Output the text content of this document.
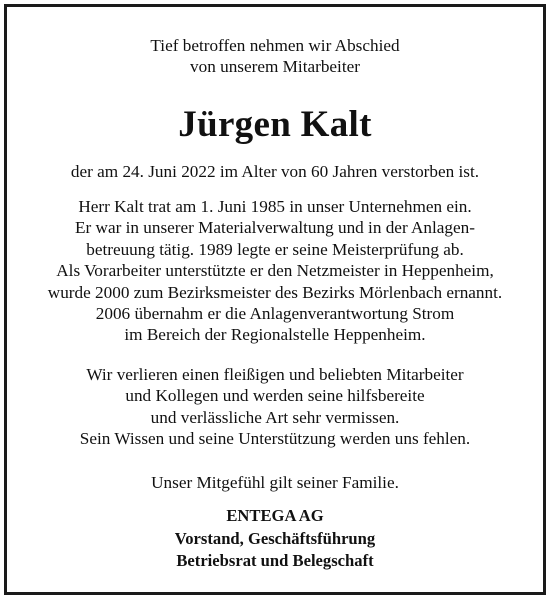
Tief betroffen nehmen wir Abschied
von unserem Mitarbeiter
Jürgen Kalt
der am 24. Juni 2022 im Alter von 60 Jahren verstorben ist.
Herr Kalt trat am 1. Juni 1985 in unser Unternehmen ein.
Er war in unserer Materialverwaltung und in der Anlagen-
betreuung tätig. 1989 legte er seine Meisterprüfung ab.
Als Vorarbeiter unterstützte er den Netzmeister in Heppenheim,
wurde 2000 zum Bezirksmeister des Bezirks Mörlenbach ernannt.
2006 übernahm er die Anlagenverantwortung Strom
im Bereich der Regionalstelle Heppenheim.
Wir verlieren einen fleißigen und beliebten Mitarbeiter
und Kollegen und werden seine hilfsbereite
und verlässliche Art sehr vermissen.
Sein Wissen und seine Unterstützung werden uns fehlen.
Unser Mitgefühl gilt seiner Familie.
ENTEGA AG
Vorstand, Geschäftsführung
Betriebsrat und Belegschaft
